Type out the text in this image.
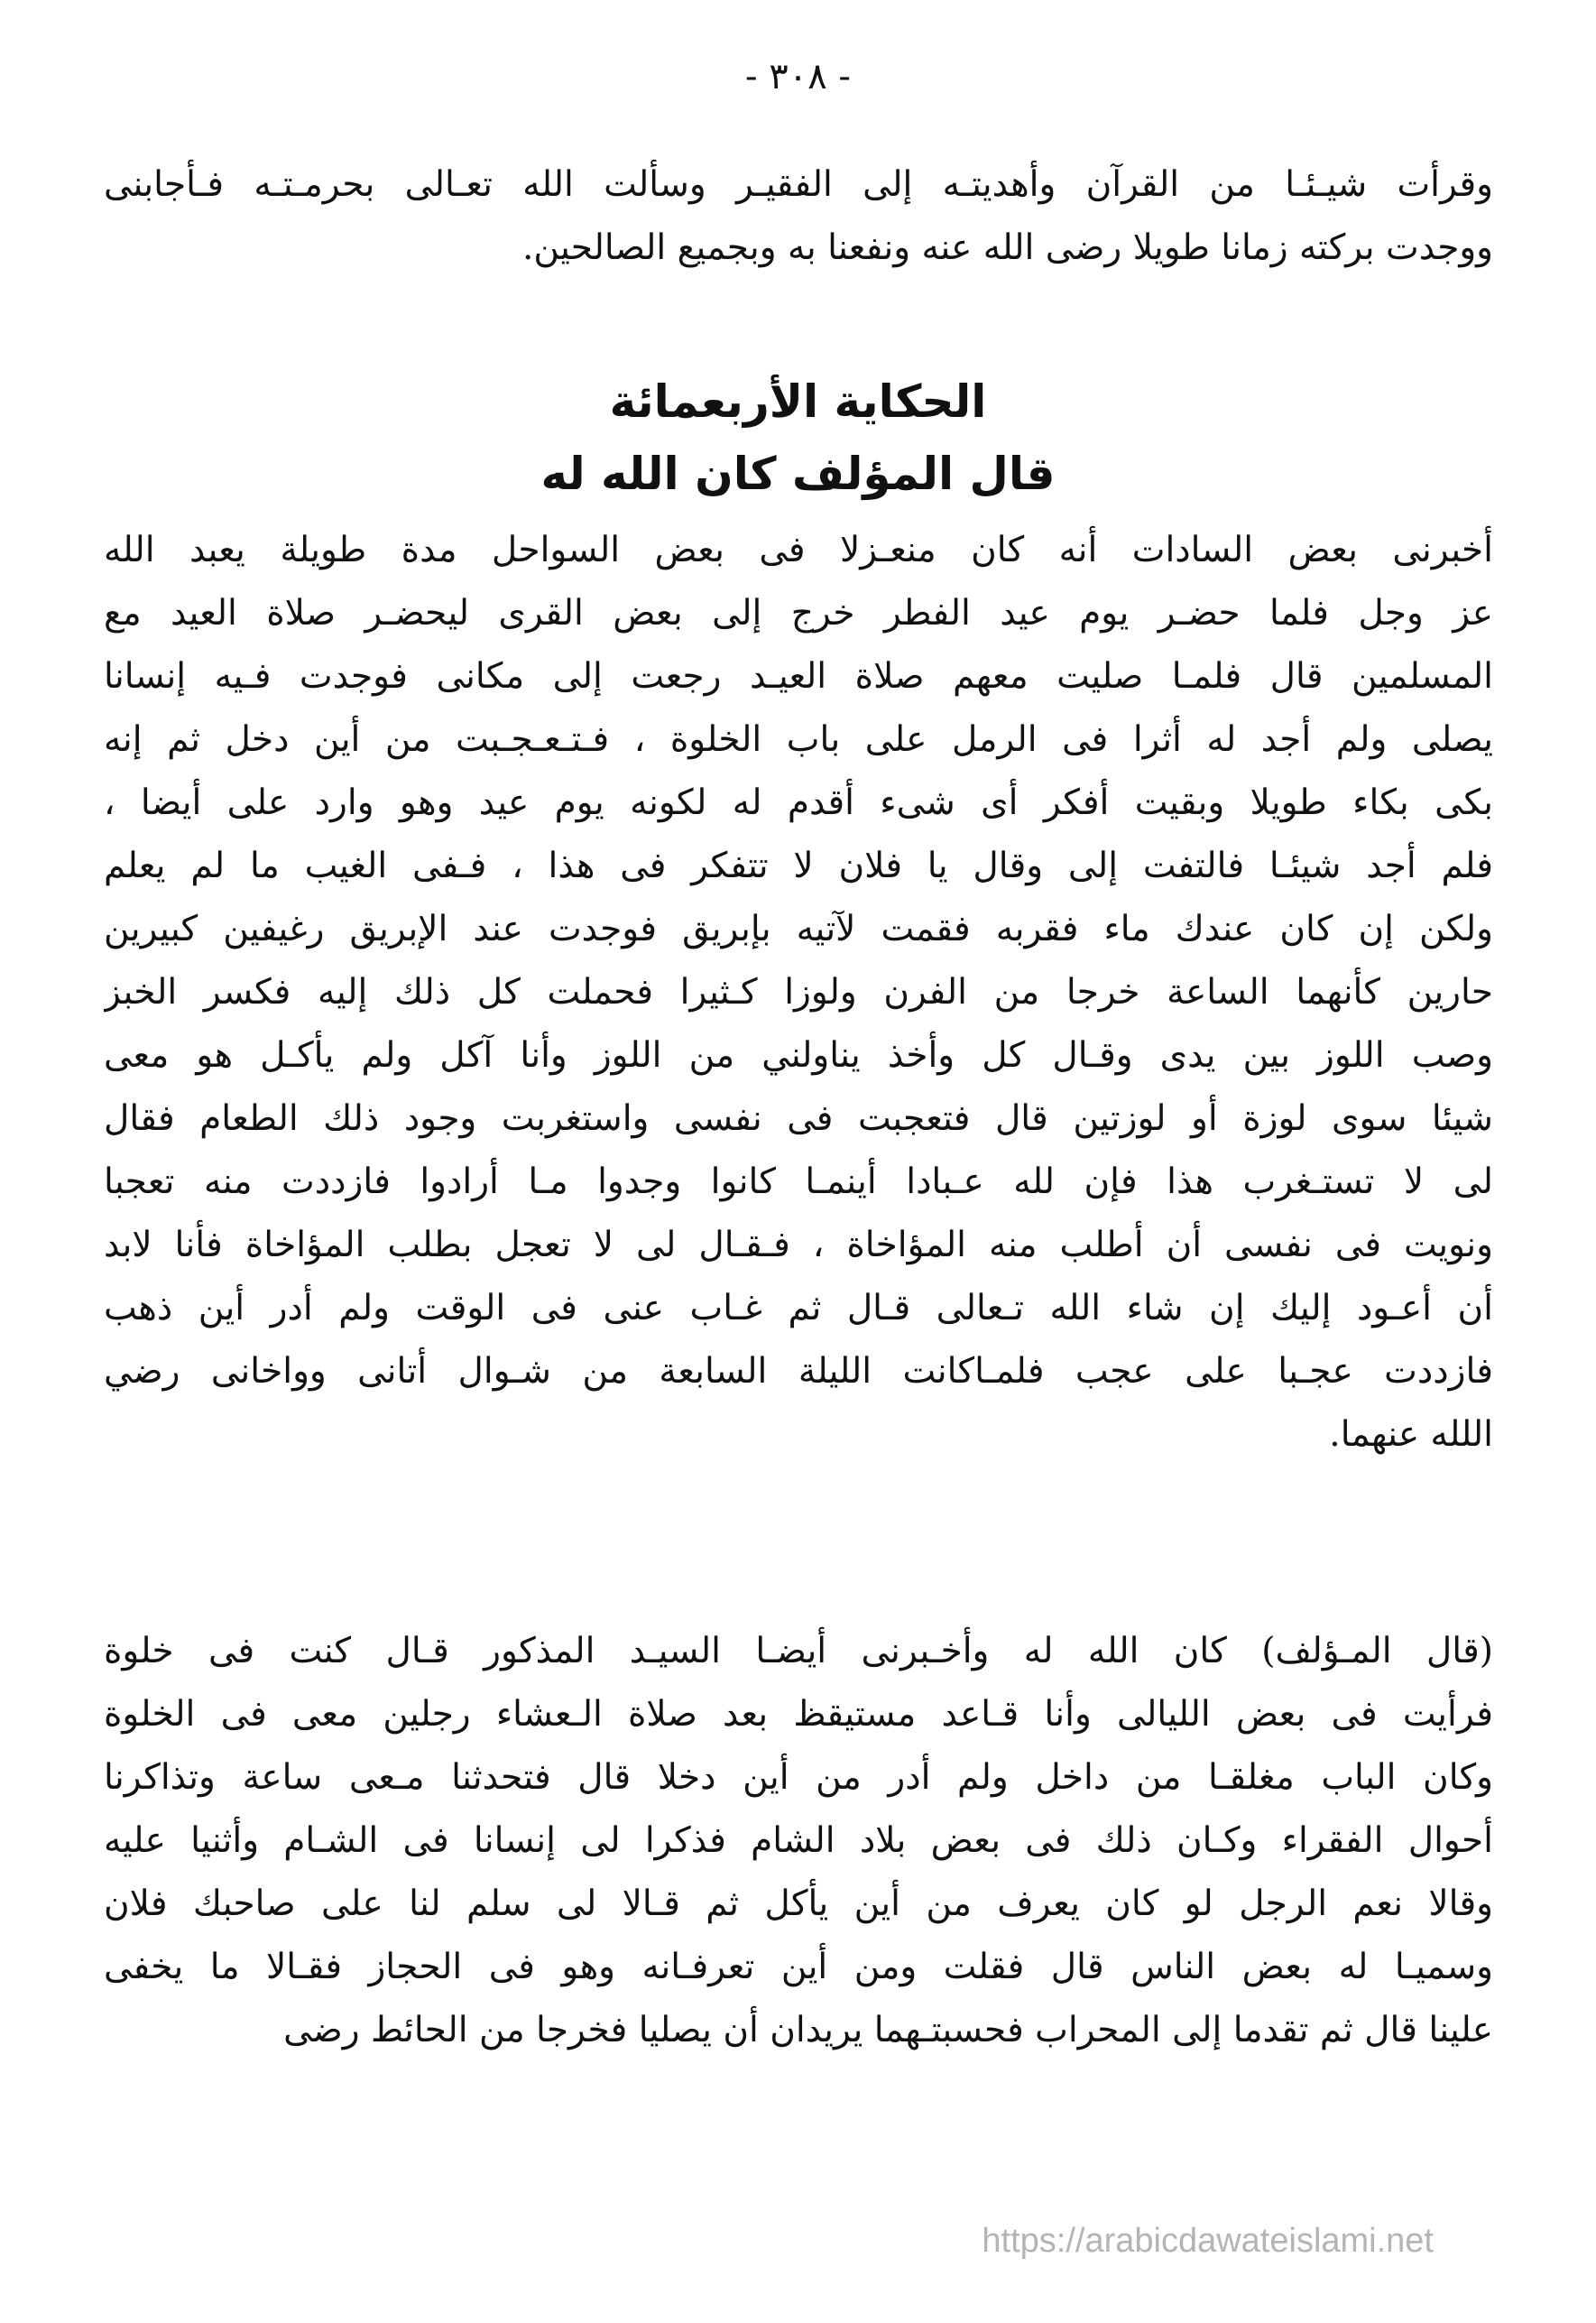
- ٣٠٨ -
وقرأت شيـئـا من القرآن وأهديتـه إلى الفقيـر وسألت الله تعـالى بحرمـتـه فـأجابنى
ووجدت بركته زمانا طويلا رضى الله عنه ونفعنا به وبجميع الصالحين.
الحكاية الأربعمائة
قال المؤلف كان الله له
أخبرنى بعض السادات أنه كان منعـزلا فى بعض السواحل مدة طويلة يعبد الله
عز وجل فلما حضـر يوم عيد الفطر خرج إلى بعض القرى ليحضـر صلاة العيد مع
المسلمين قال فلمـا صليت معهم صلاة العيـد رجعت إلى مكانى فوجدت فـيه إنسانا
يصلى ولم أجد له أثرا فى الرمل على باب الخلوة ، فـتـعـجـبت من أين دخل ثم إنه
بكى بكاء طويلا وبقيت أفكر أى شىء أقدم له لكونه يوم عيد وهو وارد على أيضا ،
فلم أجد شيئـا فالتفت إلى وقال يا فلان لا تتفكر فى هذا ، فـفى الغيب ما لم يعلم
ولكن إن كان عندك ماء فقربه فقمت لآتيه بإبريق فوجدت عند الإبريق رغيفين كبيرين
حارين كأنهما الساعة خرجا من الفرن ولوزا كـثيرا فحملت كل ذلك إليه فكسر الخبز
وصب اللوز بين يدى وقـال كل وأخذ يناولني من اللوز وأنا آكل ولم يأكـل هو معى
شيئا سوى لوزة أو لوزتين قال فتعجبت فى نفسى واستغربت وجود ذلك الطعام فقال
لى لا تستـغرب هذا فإن لله عـبادا أينمـا كانوا وجدوا مـا أرادوا فازددت منه تعجبا
ونويت فى نفسى أن أطلب منه المؤاخاة ، فـقـال لى لا تعجل بطلب المؤاخاة فأنا لابد
أن أعـود إليك إن شاء الله تـعالى قـال ثم غـاب عنى فى الوقت ولم أدر أين ذهب
فازددت عجـبا على عجب فلمـاكانت الليلة السابعة من شـوال أتانى وواخانى رضي
اللله عنهما.
(قال المـؤلف) كان الله له وأخـبرنى أيضـا السيـد المذكور قـال كنت فى خلوة
فرأيت فى بعض الليالى وأنا قـاعد مستيقظ بعد صلاة الـعشاء رجلين معى فى الخلوة
وكان الباب مغلقـا من داخل ولم أدر من أين دخلا قال فتحدثنا مـعى ساعة وتذاكرنا
أحوال الفقراء وكـان ذلك فى بعض بلاد الشام فذكرا لى إنسانا فى الشـام وأثنيا عليه
وقالا نعم الرجل لو كان يعرف من أين يأكل ثم قـالا لى سلم لنا على صاحبك فلان
وسميـا له بعض الناس قال فقلت ومن أين تعرفـانه وهو فى الحجاز فقـالا ما يخفى
علينا قال ثم تقدما إلى المحراب فحسبتـهما يريدان أن يصليا فخرجا من الحائط رضى
https://arabicdawateislami.net
